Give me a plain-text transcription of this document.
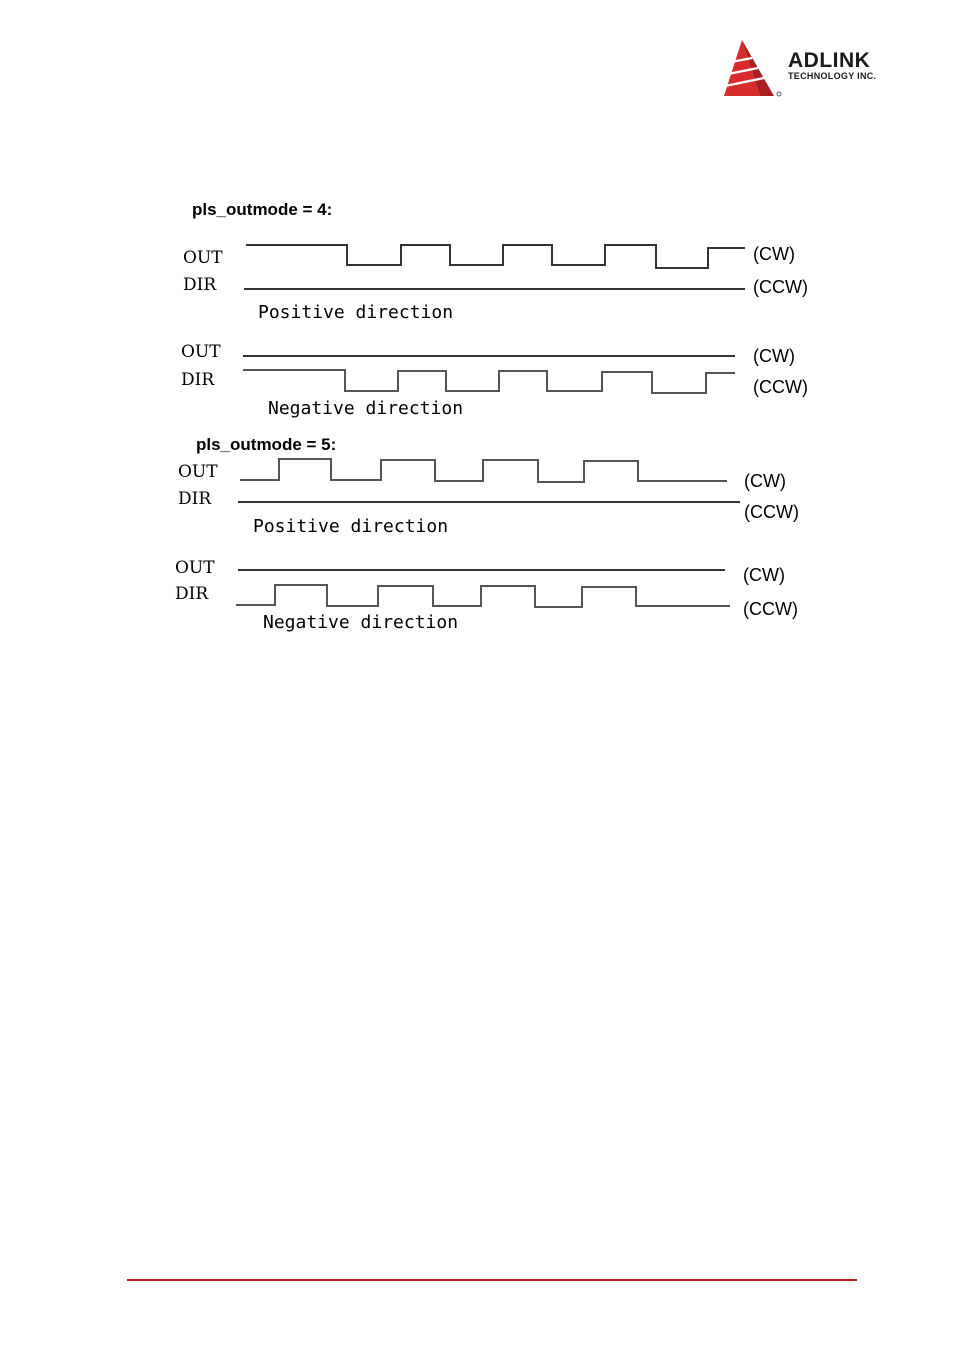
ADLINK
TECHNOLOGY INC.
pls_outmode = 4:
OUT
DIR
(CW)
(CCW)
Positive direction
OUT
DIR
(CW)
(CCW)
Negative direction
pls_outmode = 5:
OUT
DIR
(CW)
(CCW)
Positive direction
OUT
DIR
(CW)
(CCW)
Negative direction
